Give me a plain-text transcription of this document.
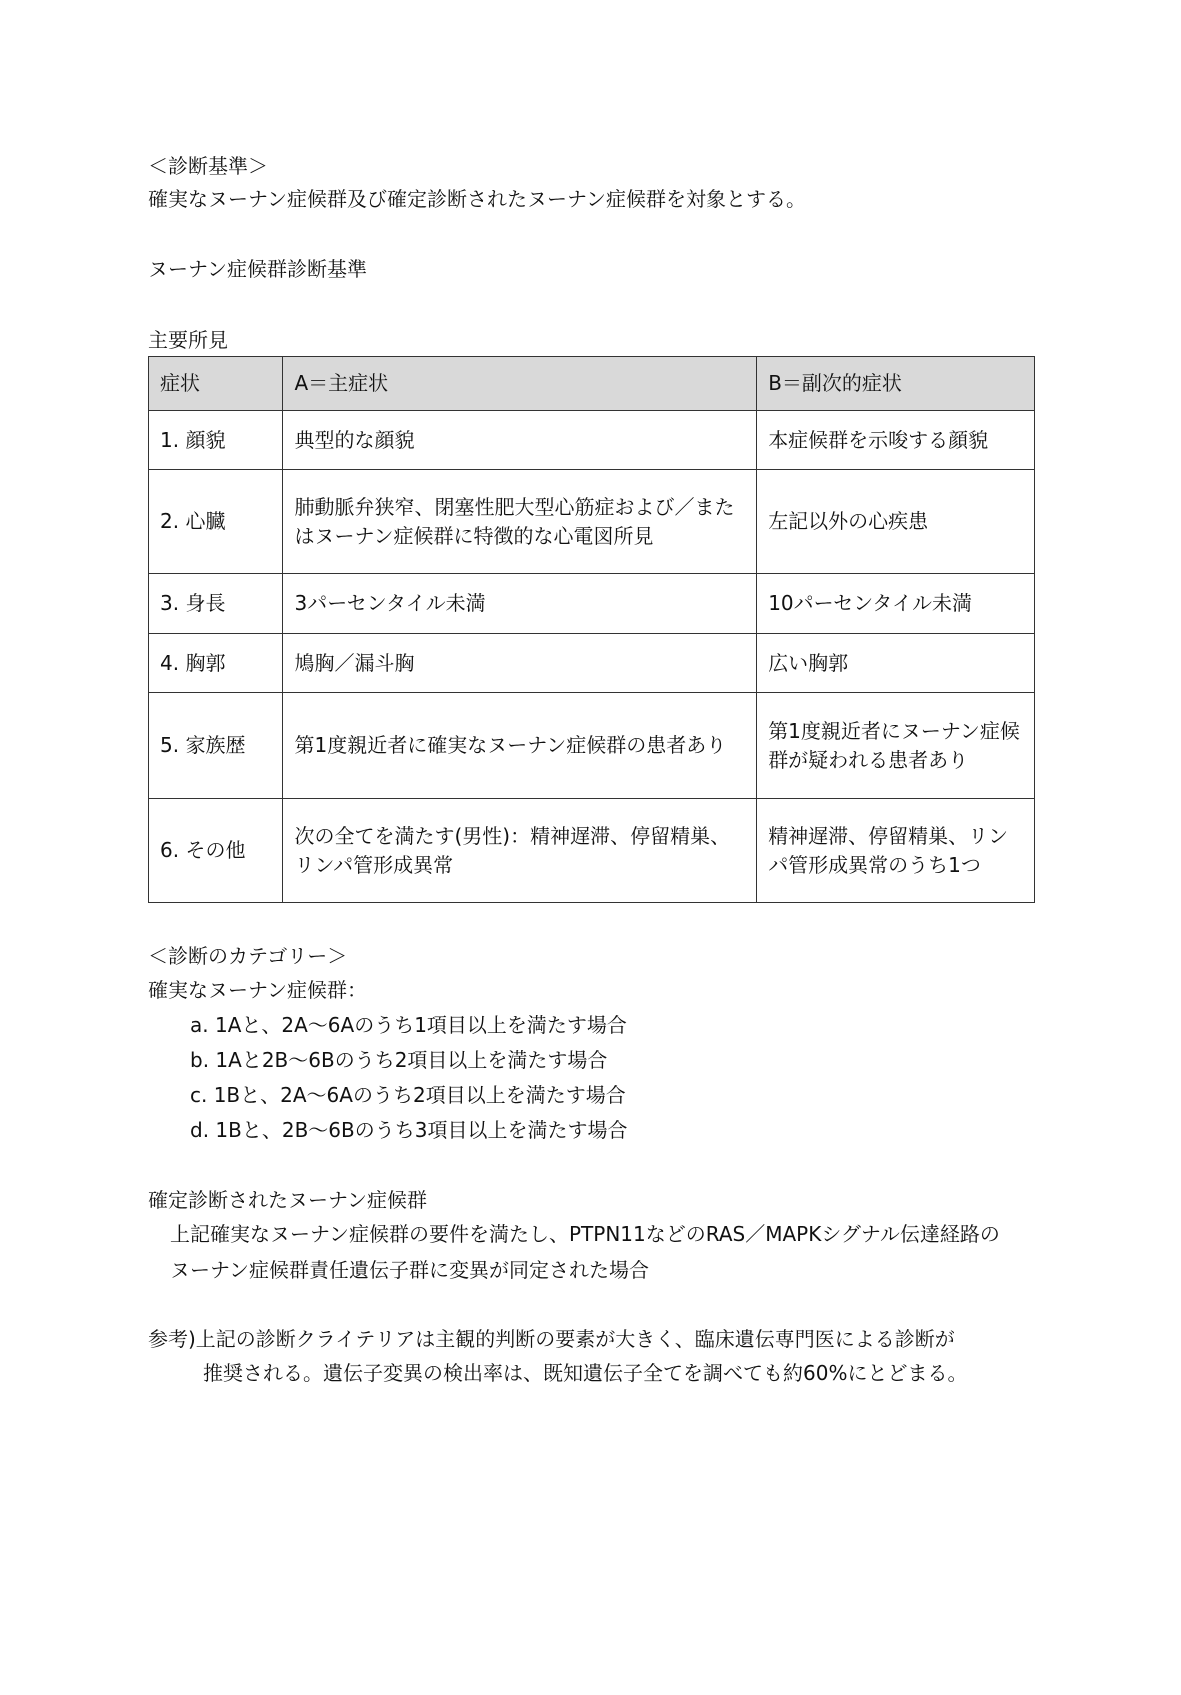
＜診断基準＞
確実なヌーナン症候群及び確定診断されたヌーナン症候群を対象とする。
ヌーナン症候群診断基準
主要所見
症状	A＝主症状	B＝副次的症状
1. 顔貌	典型的な顔貌	本症候群を示唆する顔貌
2. 心臓	肺動脈弁狭窄、閉塞性肥大型心筋症および／またはヌーナン症候群に特徴的な心電図所見	左記以外の心疾患
3. 身長	3パーセンタイル未満	10パーセンタイル未満
4. 胸郭	鳩胸／漏斗胸	広い胸郭
5. 家族歴	第1度親近者に確実なヌーナン症候群の患者あり	第1度親近者にヌーナン症候群が疑われる患者あり
6. その他	次の全てを満たす(男性)：精神遅滞、停留精巣、リンパ管形成異常	精神遅滞、停留精巣、リンパ管形成異常のうち1つ
＜診断のカテゴリー＞
確実なヌーナン症候群：
a. 1Aと、2A～6Aのうち1項目以上を満たす場合
b. 1Aと2B～6Bのうち2項目以上を満たす場合
c. 1Bと、2A～6Aのうち2項目以上を満たす場合
d. 1Bと、2B～6Bのうち3項目以上を満たす場合
確定診断されたヌーナン症候群
上記確実なヌーナン症候群の要件を満たし、PTPN11などのRAS／MAPKシグナル伝達経路の
ヌーナン症候群責任遺伝子群に変異が同定された場合
参考)上記の診断クライテリアは主観的判断の要素が大きく、臨床遺伝専門医による診断が
推奨される。遺伝子変異の検出率は、既知遺伝子全てを調べても約60%にとどまる。
